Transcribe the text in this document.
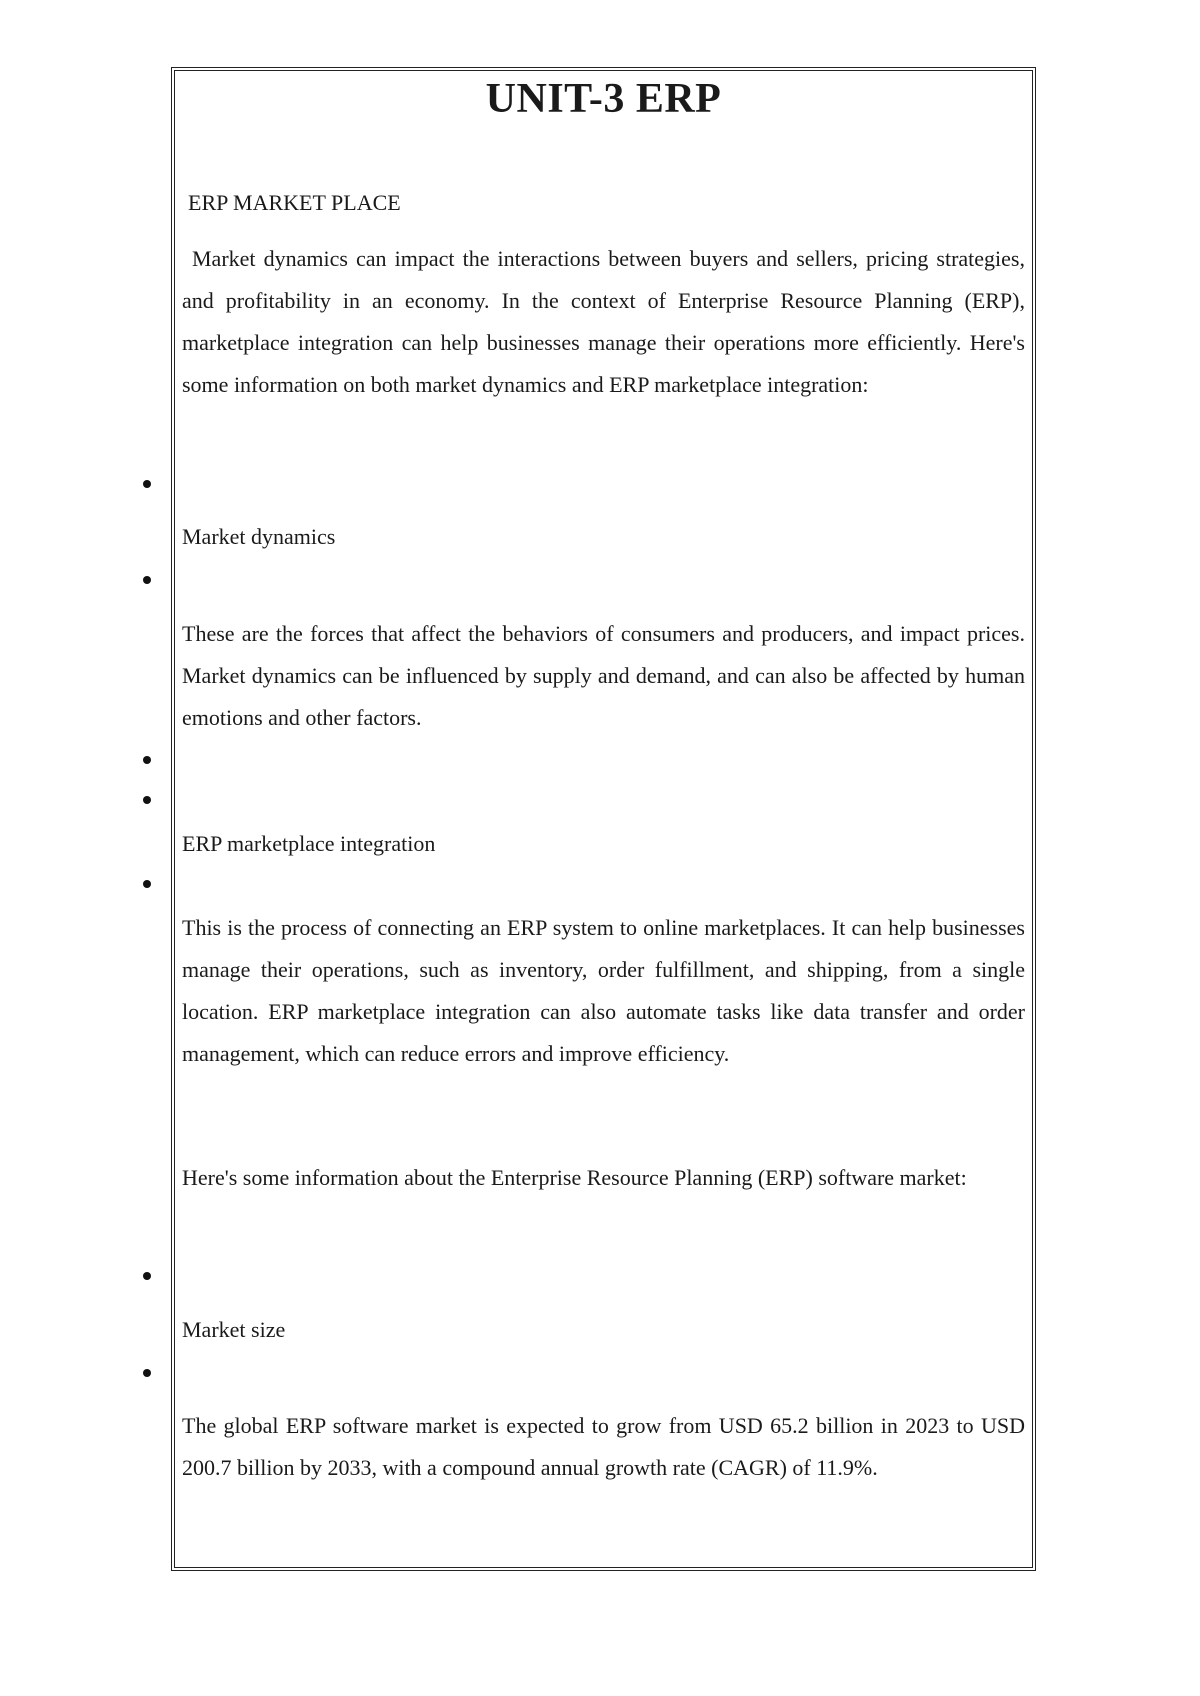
UNIT-3 ERP

ERP MARKET PLACE

Market dynamics can impact the interactions between buyers and sellers, pricing strategies, and profitability in an economy. In the context of Enterprise Resource Planning (ERP), marketplace integration can help businesses manage their operations more efficiently. Here's some information on both market dynamics and ERP marketplace integration:

Market dynamics

These are the forces that affect the behaviors of consumers and producers, and impact prices. Market dynamics can be influenced by supply and demand, and can also be affected by human emotions and other factors.

ERP marketplace integration

This is the process of connecting an ERP system to online marketplaces. It can help businesses manage their operations, such as inventory, order fulfillment, and shipping, from a single location. ERP marketplace integration can also automate tasks like data transfer and order management, which can reduce errors and improve efficiency.

Here's some information about the Enterprise Resource Planning (ERP) software market:

Market size

The global ERP software market is expected to grow from USD 65.2 billion in 2023 to USD 200.7 billion by 2033, with a compound annual growth rate (CAGR) of 11.9%.
